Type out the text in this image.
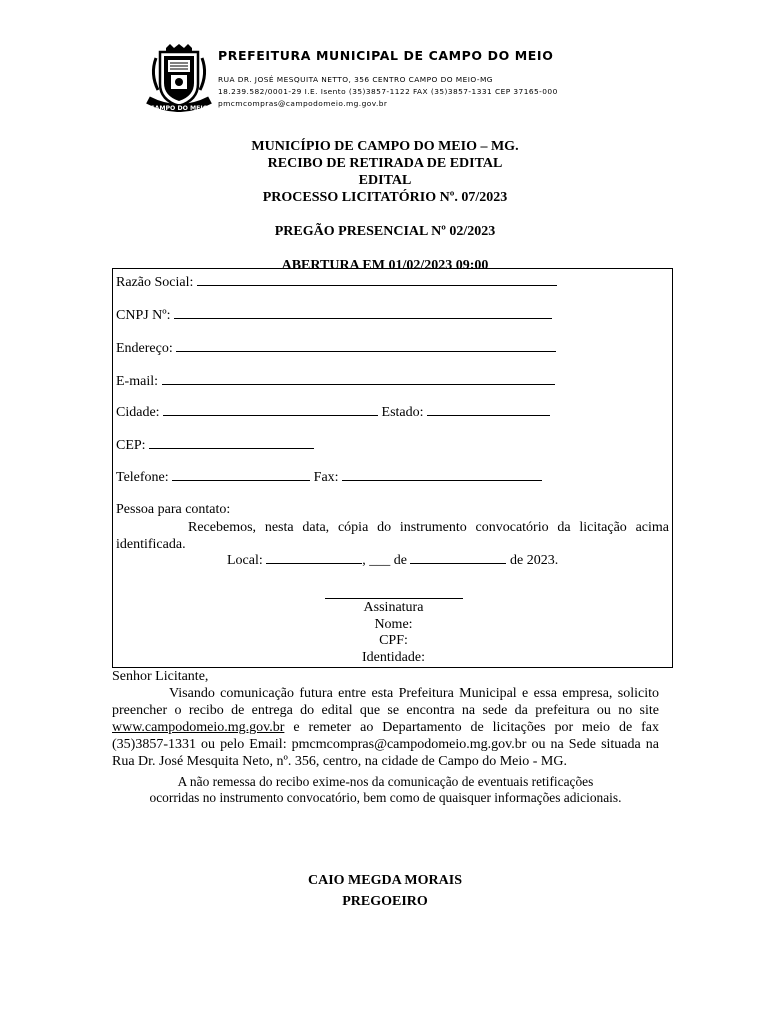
CAMPO DO MEIO
PREFEITURA MUNICIPAL DE CAMPO DO MEIO
RUA DR. JOSÉ MESQUITA NETTO, 356 CENTRO CAMPO DO MEIO-MG
18.239.582/0001-29 I.E. Isento (35)3857-1122 FAX (35)3857-1331 CEP 37165-000
pmcmcompras@campodomeio.mg.gov.br
MUNICÍPIO DE CAMPO DO MEIO – MG.
RECIBO DE RETIRADA DE EDITAL
EDITAL
PROCESSO LICITATÓRIO Nº. 07/2023
PREGÃO PRESENCIAL Nº 02/2023
ABERTURA EM 01/02/2023 09:00
Razão Social:
CNPJ Nº:
Endereço:
E-mail:
Cidade:	Estado:
CEP:
Telefone:	Fax:
Pessoa para contato:
Recebemos, nesta data, cópia do instrumento convocatório da licitação acima identificada.
Local:	, ___ de	de 2023.
Assinatura
Nome:
CPF:
Identidade:
Senhor Licitante,
Visando comunicação futura entre esta Prefeitura Municipal e essa empresa, solicito preencher o recibo de entrega do edital que se encontra na sede da prefeitura ou no site www.campodomeio.mg.gov.br e remeter ao Departamento de licitações por meio de fax (35)3857-1331 ou pelo Email: pmcmcompras@campodomeio.mg.gov.br ou na Sede situada na Rua Dr. José Mesquita Neto, nº. 356, centro, na cidade de Campo do Meio - MG.
A não remessa do recibo exime-nos da comunicação de eventuais retificações
ocorridas no instrumento convocatório, bem como de quaisquer informações adicionais.
CAIO MEGDA MORAIS
PREGOEIRO
